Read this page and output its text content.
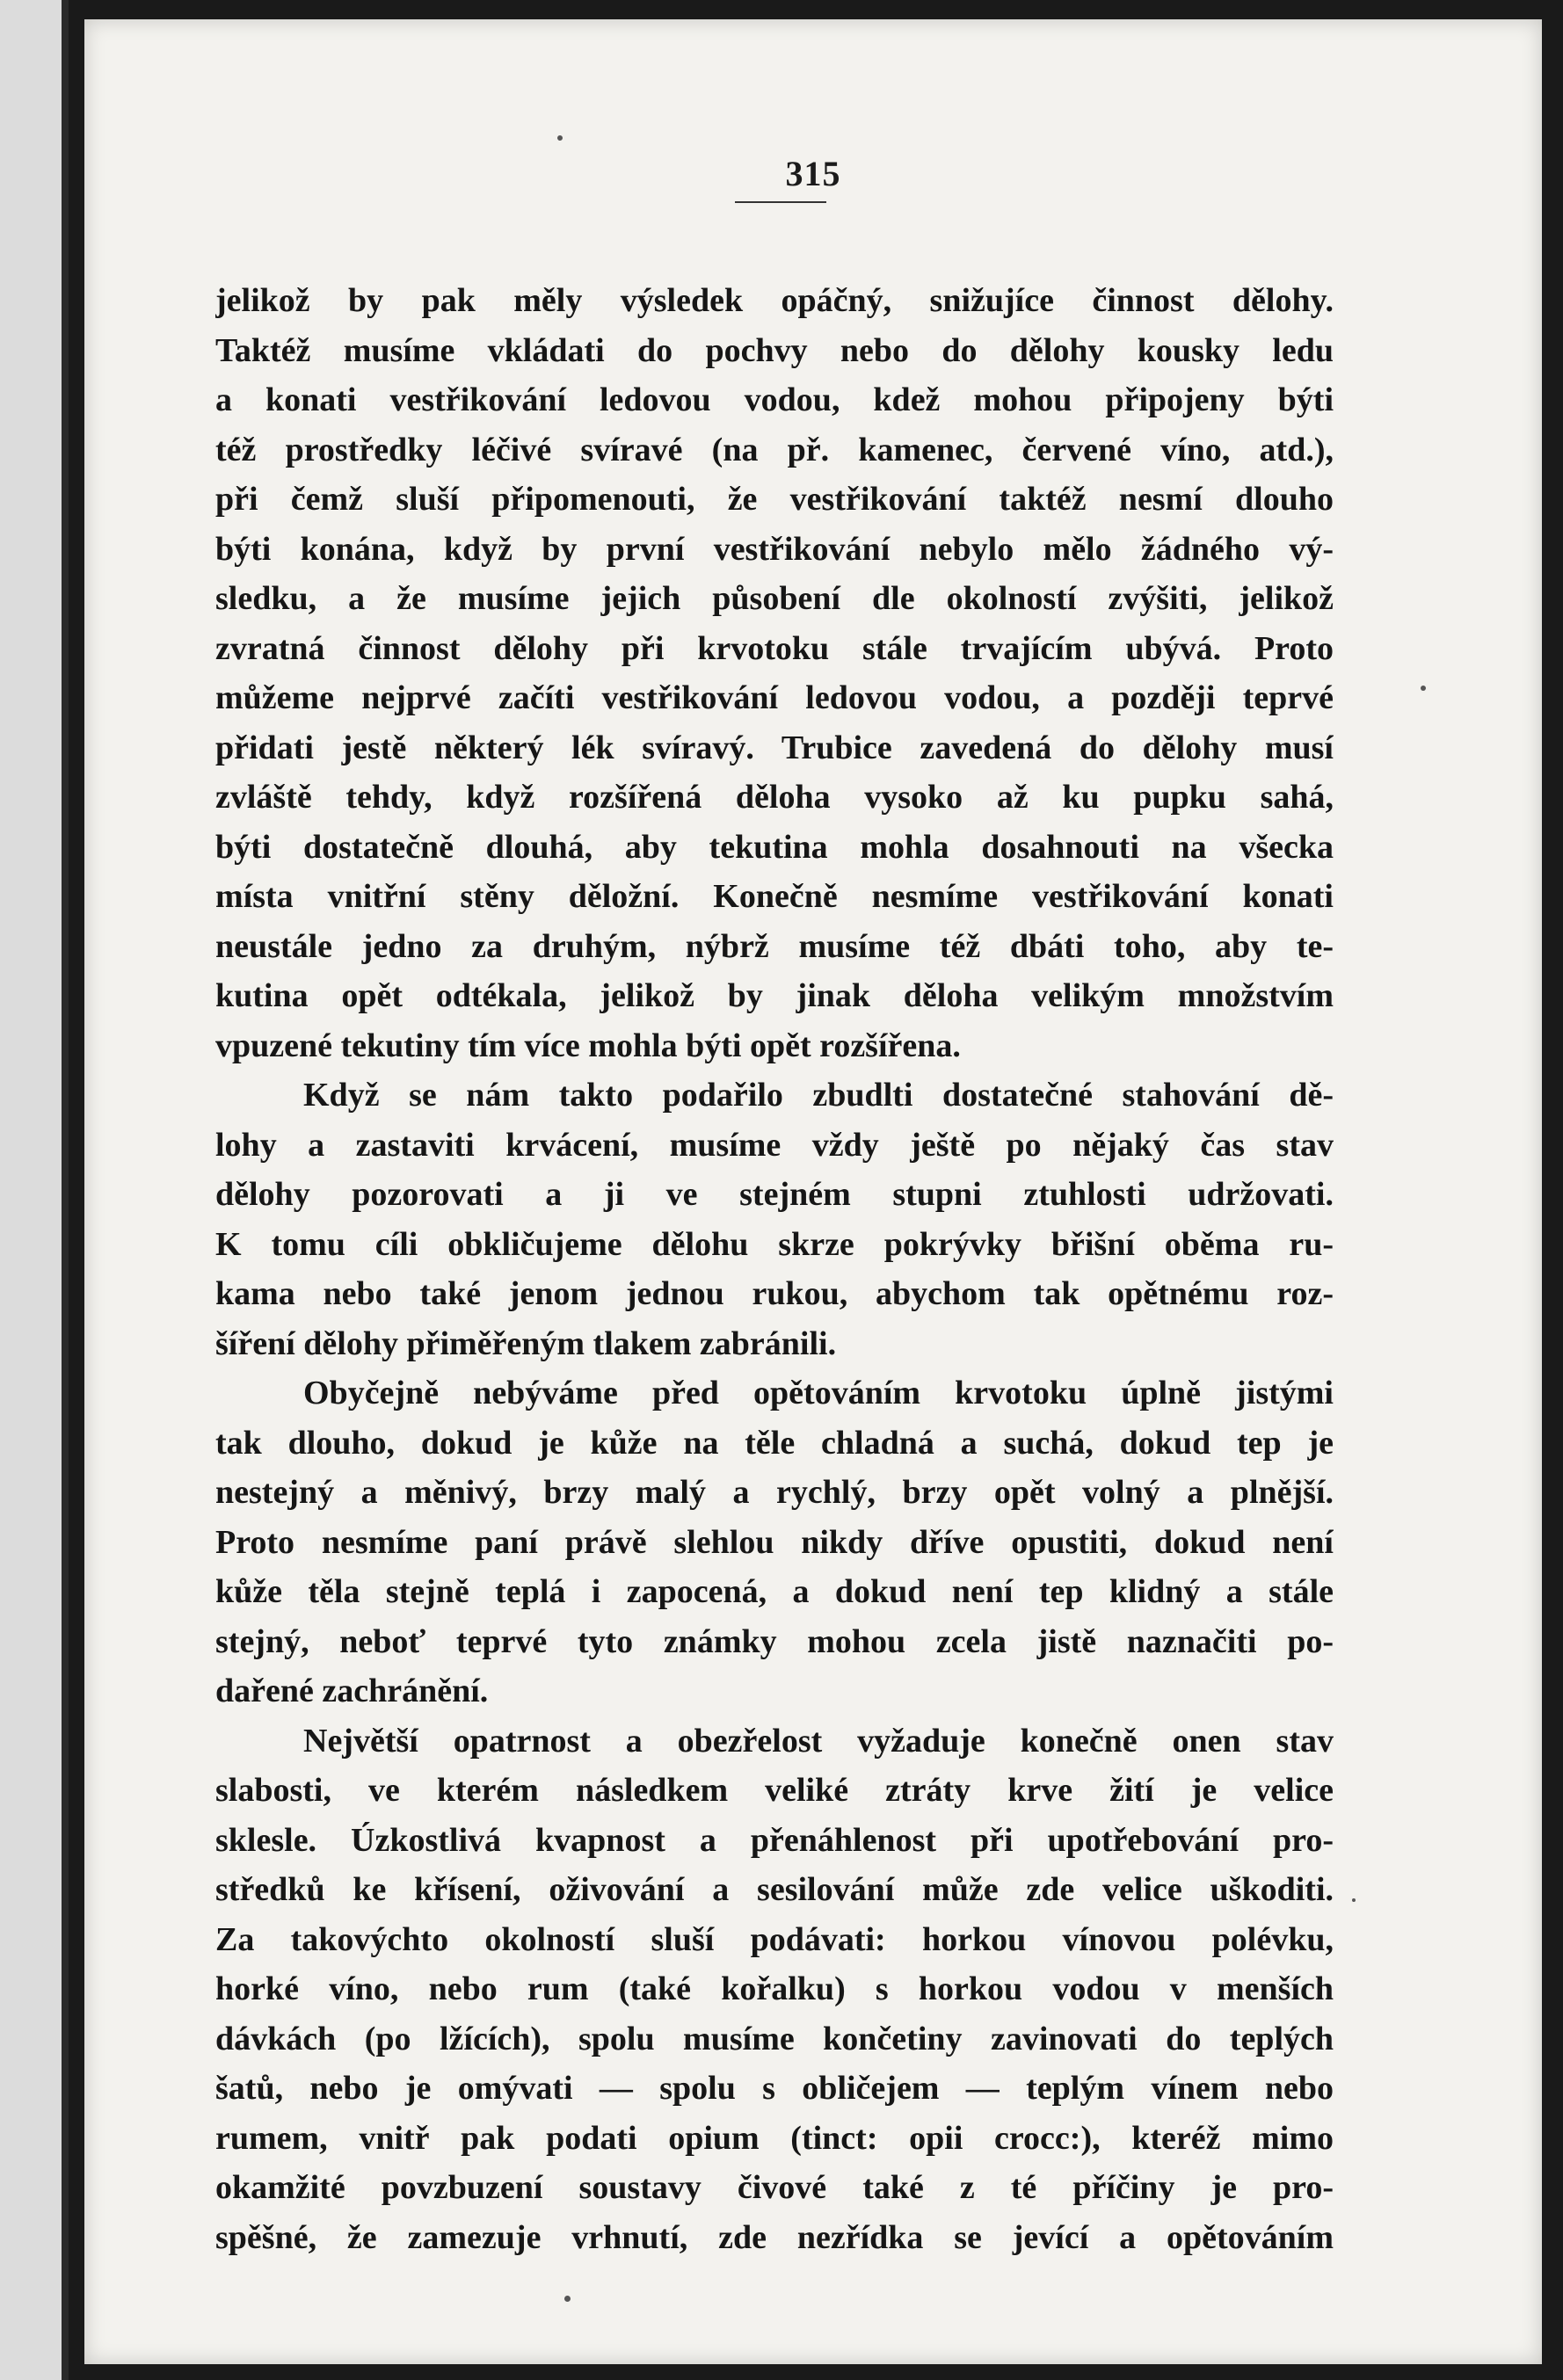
315
jelikož by pak měly výsledek opáčný, snižujíce činnost dělohy.
Taktéž musíme vkládati do pochvy nebo do dělohy kousky ledu
a konati vestřikování ledovou vodou, kdež mohou připojeny býti
též prostředky léčivé svíravé (na př. kamenec, červené víno, atd.),
při čemž sluší připomenouti, že vestřikování taktéž nesmí dlouho
býti konána, když by první vestřikování nebylo mělo žádného vý-
sledku, a že musíme jejich působení dle okolností zvýšiti, jelikož
zvratná činnost dělohy při krvotoku stále trvajícím ubývá. Proto
můžeme nejprvé začíti vestřikování ledovou vodou, a později teprvé
přidati jestě některý lék svíravý. Trubice zavedená do dělohy musí
zvláště tehdy, když rozšířená děloha vysoko až ku pupku sahá,
býti dostatečně dlouhá, aby tekutina mohla dosahnouti na všecka
místa vnitřní stěny děložní. Konečně nesmíme vestřikování konati
neustále jedno za druhým, nýbrž musíme též dbáti toho, aby te-
kutina opět odtékala, jelikož by jinak děloha velikým množstvím
vpuzené tekutiny tím více mohla býti opět rozšířena.
Když se nám takto podařilo zbudlti dostatečné stahování dě-
lohy a zastaviti krvácení, musíme vždy ještě po nějaký čas stav
dělohy pozorovati a ji ve stejném stupni ztuhlosti udržovati.
K tomu cíli obkličujeme dělohu skrze pokrývky břišní oběma ru-
kama nebo také jenom jednou rukou, abychom tak opětnému roz-
šíření dělohy přiměřeným tlakem zabránili.
Obyčejně nebýváme před opětováním krvotoku úplně jistými
tak dlouho, dokud je kůže na těle chladná a suchá, dokud tep je
nestejný a měnivý, brzy malý a rychlý, brzy opět volný a plnější.
Proto nesmíme paní právě slehlou nikdy dříve opustiti, dokud není
kůže těla stejně teplá i zapocená, a dokud není tep klidný a stále
stejný, neboť teprvé tyto známky mohou zcela jistě naznačiti po-
dařené zachránění.
Největší opatrnost a obezřelost vyžaduje konečně onen stav
slabosti, ve kterém následkem veliké ztráty krve žití je velice
sklesle. Úzkostlivá kvapnost a přenáhlenost při upotřebování pro-
středků ke křísení, oživování a sesilování může zde velice uškoditi.
Za takovýchto okolností sluší podávati: horkou vínovou polévku,
horké víno, nebo rum (také kořalku) s horkou vodou v menších
dávkách (po lžících), spolu musíme končetiny zavinovati do teplých
šatů, nebo je omývati — spolu s obličejem — teplým vínem nebo
rumem, vnitř pak podati opium (tinct: opii crocc:), kteréž mimo
okamžité povzbuzení soustavy čivové také z té příčiny je pro-
spěšné, že zamezuje vrhnutí, zde nezřídka se jevící a opětováním
